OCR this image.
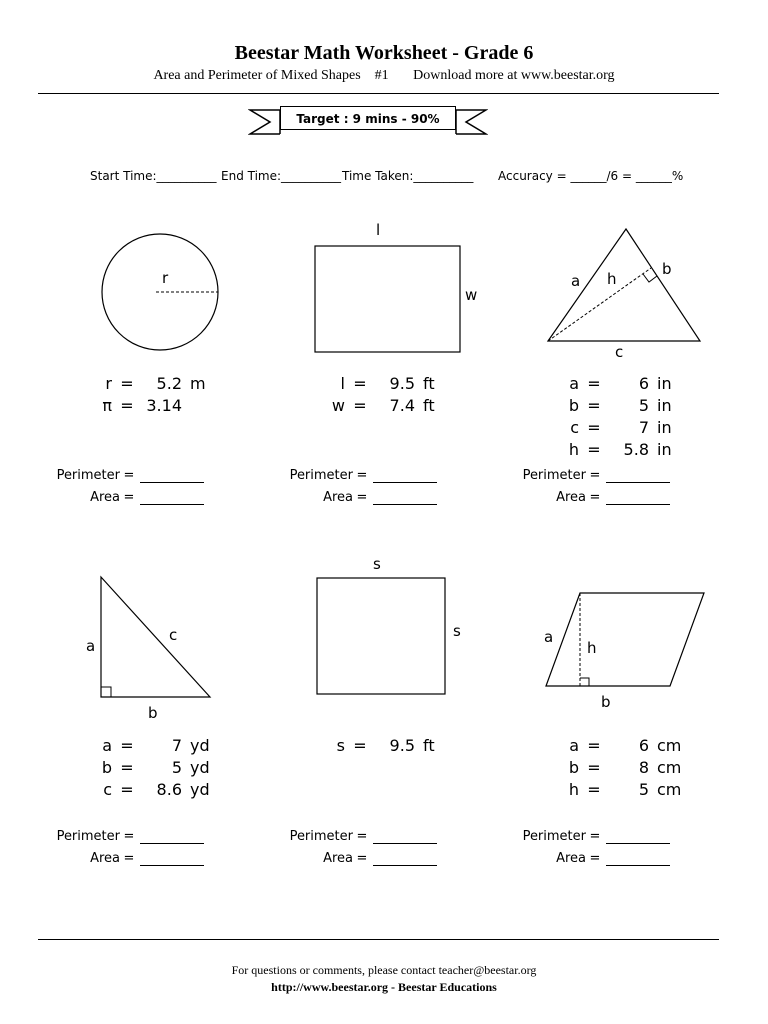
Beestar Math Worksheet - Grade 6
Area and Perimeter of Mixed Shapes #1 Download more at www.beestar.org
Target : 9 mins - 90%
Start Time:__________ End Time:__________ Time Taken:__________ Accuracy = ______/6 = ______%
r
l
w
a h
b
c
a
c
b
s
s	a
h
b
r = 5.2 m
π = 3.14
l = 9.5 ft
w = 7.4 ft
a = 6 in
b = 5 in
c = 7 in
h = 5.8 in
Perimeter =
Area =
Perimeter =
Area =
Perimeter =
Area =
a = 7 yd
b = 5 yd
c = 8.6 yd
s = 9.5 ft	a = 6 cm
b = 8 cm
h = 5 cm
Perimeter =
Area =
Perimeter =
Area =
Perimeter =
Area =
For questions or comments, please contact teacher@beestar.org
http://www.beestar.org - Beestar Educations
